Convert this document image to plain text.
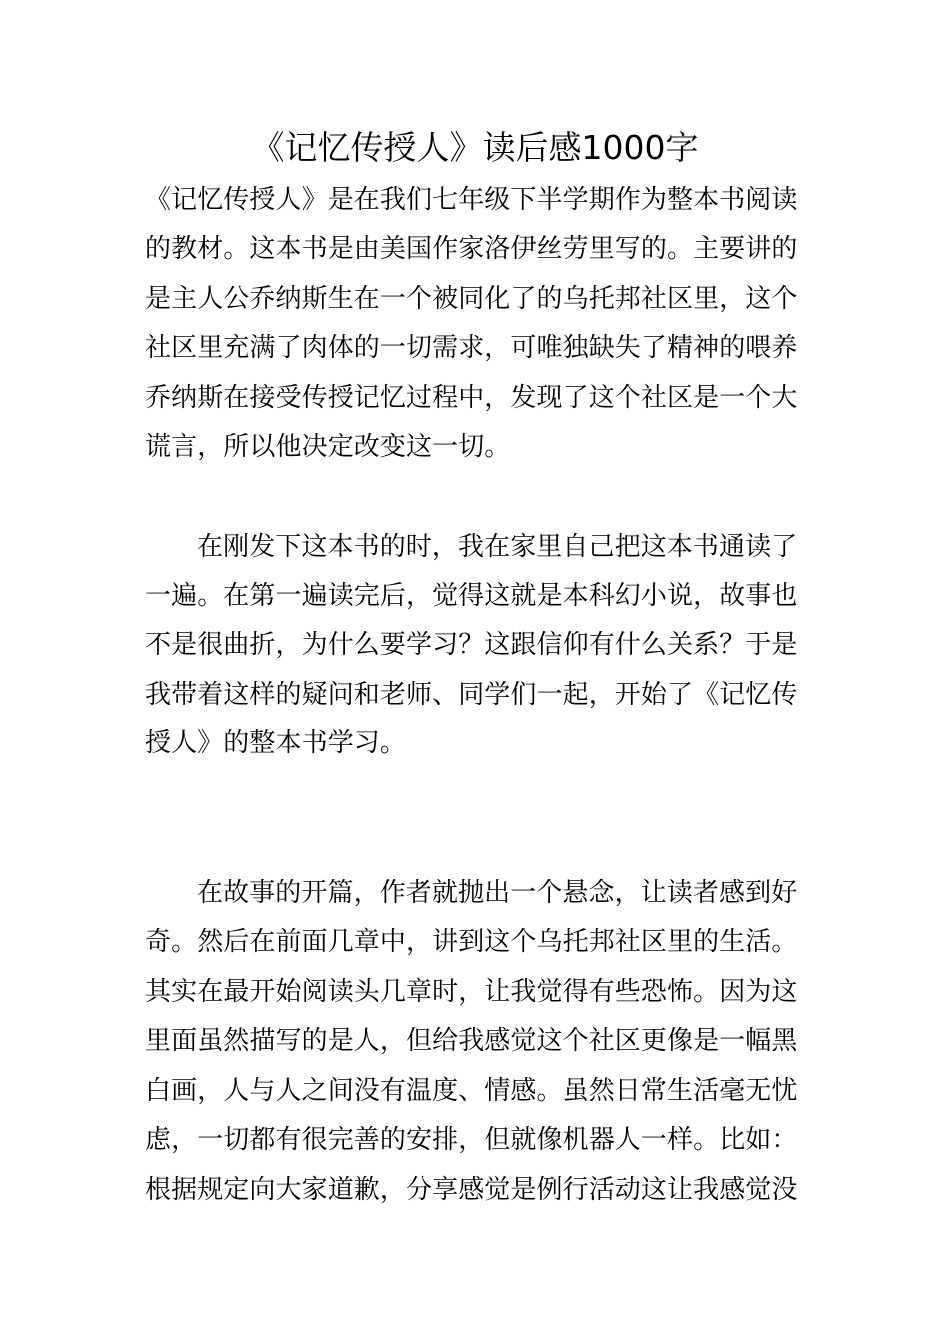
《记忆传授人》读后感1000字

《记忆传授人》是在我们七年级下半学期作为整本书阅读

的教材。这本书是由美国作家洛伊丝劳里写的。主要讲的

是主人公乔纳斯生在一个被同化了的乌托邦社区里，这个

社区里充满了肉体的一切需求，可唯独缺失了精神的喂养

乔纳斯在接受传授记忆过程中，发现了这个社区是一个大

谎言，所以他决定改变这一切。

在刚发下这本书的时，我在家里自己把这本书通读了

一遍。在第一遍读完后，觉得这就是本科幻小说，故事也

不是很曲折，为什么要学习？这跟信仰有什么关系？于是

我带着这样的疑问和老师、同学们一起，开始了《记忆传

授人》的整本书学习。

在故事的开篇，作者就抛出一个悬念，让读者感到好

奇。然后在前面几章中，讲到这个乌托邦社区里的生活。

其实在最开始阅读头几章时，让我觉得有些恐怖。因为这

里面虽然描写的是人，但给我感觉这个社区更像是一幅黑

白画，人与人之间没有温度、情感。虽然日常生活毫无忧

虑，一切都有很完善的安排，但就像机器人一样。比如：

根据规定向大家道歉，分享感觉是例行活动这让我感觉没
